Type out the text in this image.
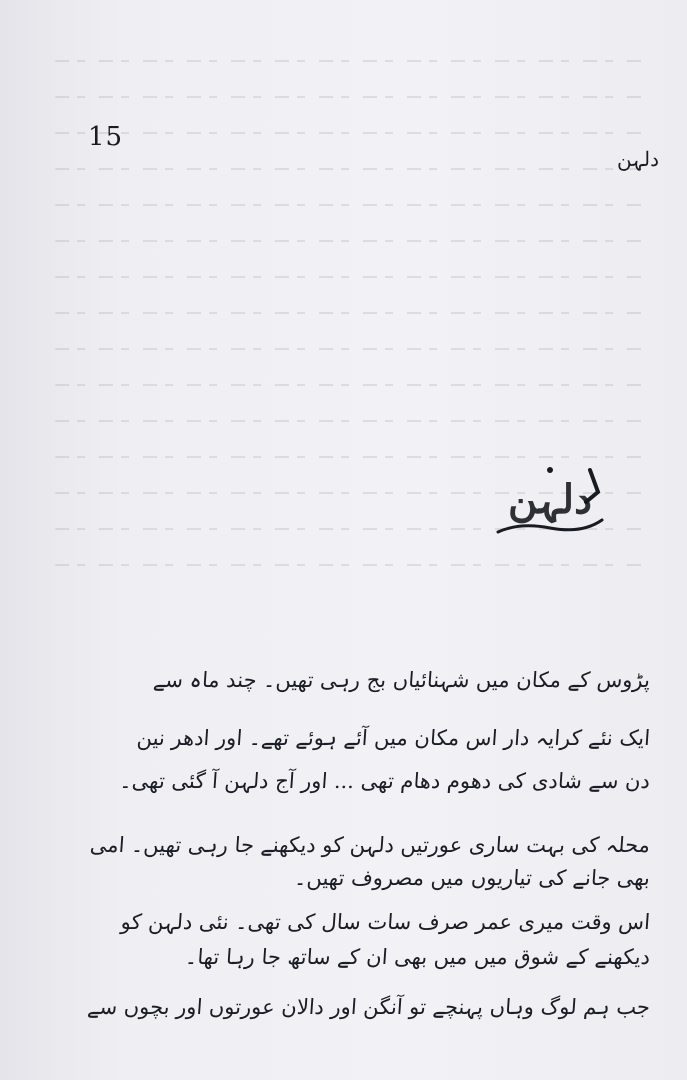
15
دلہن
دلہن
پڑوس کے مکان میں شہنائیاں بج رہی تھیں۔ چند ماہ سے
ایک نئے کرایہ دار اس مکان میں آئے ہوئے تھے۔ اور ادھر نین
دن سے شادی کی دھوم دھام تھی ... اور آج دلہن آ گئی تھی۔
محلہ کی بہت ساری عورتیں دلہن کو دیکھنے جا رہی تھیں۔ امی
بھی جانے کی تیاریوں میں مصروف تھیں۔
اس وقت میری عمر صرف سات سال کی تھی۔ نئی دلہن کو
دیکھنے کے شوق میں میں بھی ان کے ساتھ جا رہا تھا۔
جب ہم لوگ وہاں پہنچے تو آنگن اور دالان عورتوں اور بچوں سے
